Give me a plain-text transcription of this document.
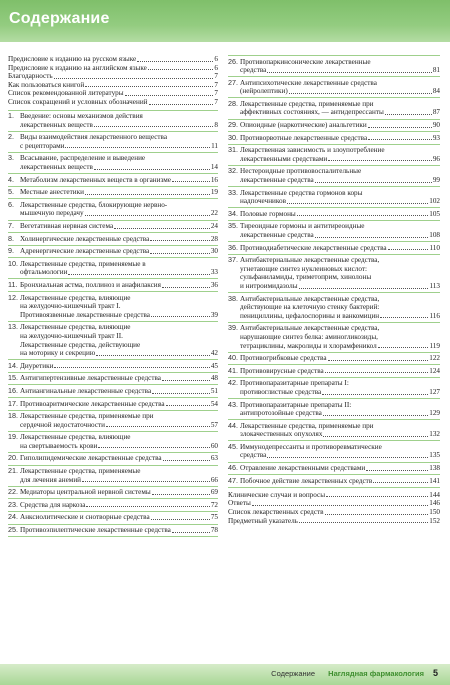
Содержание
Предисловие к изданию на русском языке	6
Предисловие к изданию на английском языке	6
Благодарность	7
Как пользоваться книгой	7
Список рекомендованной литературы	7
Список сокращений и условных обозначений	7
1. Введение: основы механизмов действия
лекарственных веществ	8
2. Виды взаимодействия лекарственного вещества
с рецепторами	11
3. Всасывание, распределение и выведение
лекарственных веществ	14
4. Метаболизм лекарственных веществ в организме	16
5. Местные анестетики	19
6. Лекарственные средства, блокирующие нервно-
мышечную передачу	22
7. Вегетативная нервная система	24
8. Холинергические лекарственные средства	28
9. Адренергические лекарственные средства	30
10. Лекарственные средства, применяемые в
офтальмологии	33
11. Бронхиальная астма, поллиноз и анафилаксия	36
12. Лекарственные средства, влияющие
на желудочно-кишечный тракт I.
Противоязвенные лекарственные средства	39
13. Лекарственные средства, влияющие
на желудочно-кишечный тракт II.
Лекарственные средства, действующие
на моторику и секрецию	42
14. Диуретики	45
15. Антигипертензивные лекарственные средства	48
16. Антиангинальные лекарственные средства	51
17. Противоаритмические лекарственные средства	54
18. Лекарственные средства, применяемые при
сердечной недостаточности	57
19. Лекарственные средства, влияющие
на свертываемость крови	60
20. Гиполипидемические лекарственные средства	63
21. Лекарственные средства, применяемые
для лечения анемий	66
22. Медиаторы центральной нервной системы	69
23. Средства для наркоза	72
24. Анксиолитические и снотворные средства	75
25. Противоэпилептические лекарственные средства	78
26. Противопаркинсонические лекарственные
средства	81
27. Антипсихотические лекарственные средства
(нейролептики)	84
28. Лекарственные средства, применяемые при
аффективных состояниях, — антидепрессанты	87
29. Опиоидные (наркотические) анальгетики	90
30. Противорвотные лекарственные средства	93
31. Лекарственная зависимость и злоупотребление
лекарственными средствами	96
32. Нестероидные противовоспалительные
лекарственные средства	99
33. Лекарственные средства гормонов коры
надпочечников	102
34. Половые гормоны	105
35. Тиреоидные гормоны и антитиреоидные
лекарственные средства	108
36. Противодиабетические лекарственные средства	110
37. Антибактериальные лекарственные средства,
угнетающие синтез нуклеиновых кислот:
сульфаниламиды, триметоприм, хинолоны
и нитроимидазолы	113
38. Антибактериальные лекарственные средства,
действующие на клеточную стенку бактерий:
пенициллины, цефалоспорины и ванкомицин	116
39. Антибактериальные лекарственные средства,
нарушающие синтез белка: аминогликозиды,
тетрациклины, макролиды и хлорамфеникол	119
40. Противогрибковые средства	122
41. Противовирусные средства	124
42. Противопаразитарные препараты I:
противоглистные средства	127
43. Противопаразитарные препараты II:
антипротозойные средства	129
44. Лекарственные средства, применяемые при
злокачественных опухолях	132
45. Иммунодепрессанты и противоревматические
средства	135
46. Отравление лекарственными средствами	138
47. Побочное действие лекарственных средств	141
Клинические случаи и вопросы	144
Ответы	146
Список лекарственных средств	150
Предметный указатель	152
Содержание Наглядная фармакология 5
